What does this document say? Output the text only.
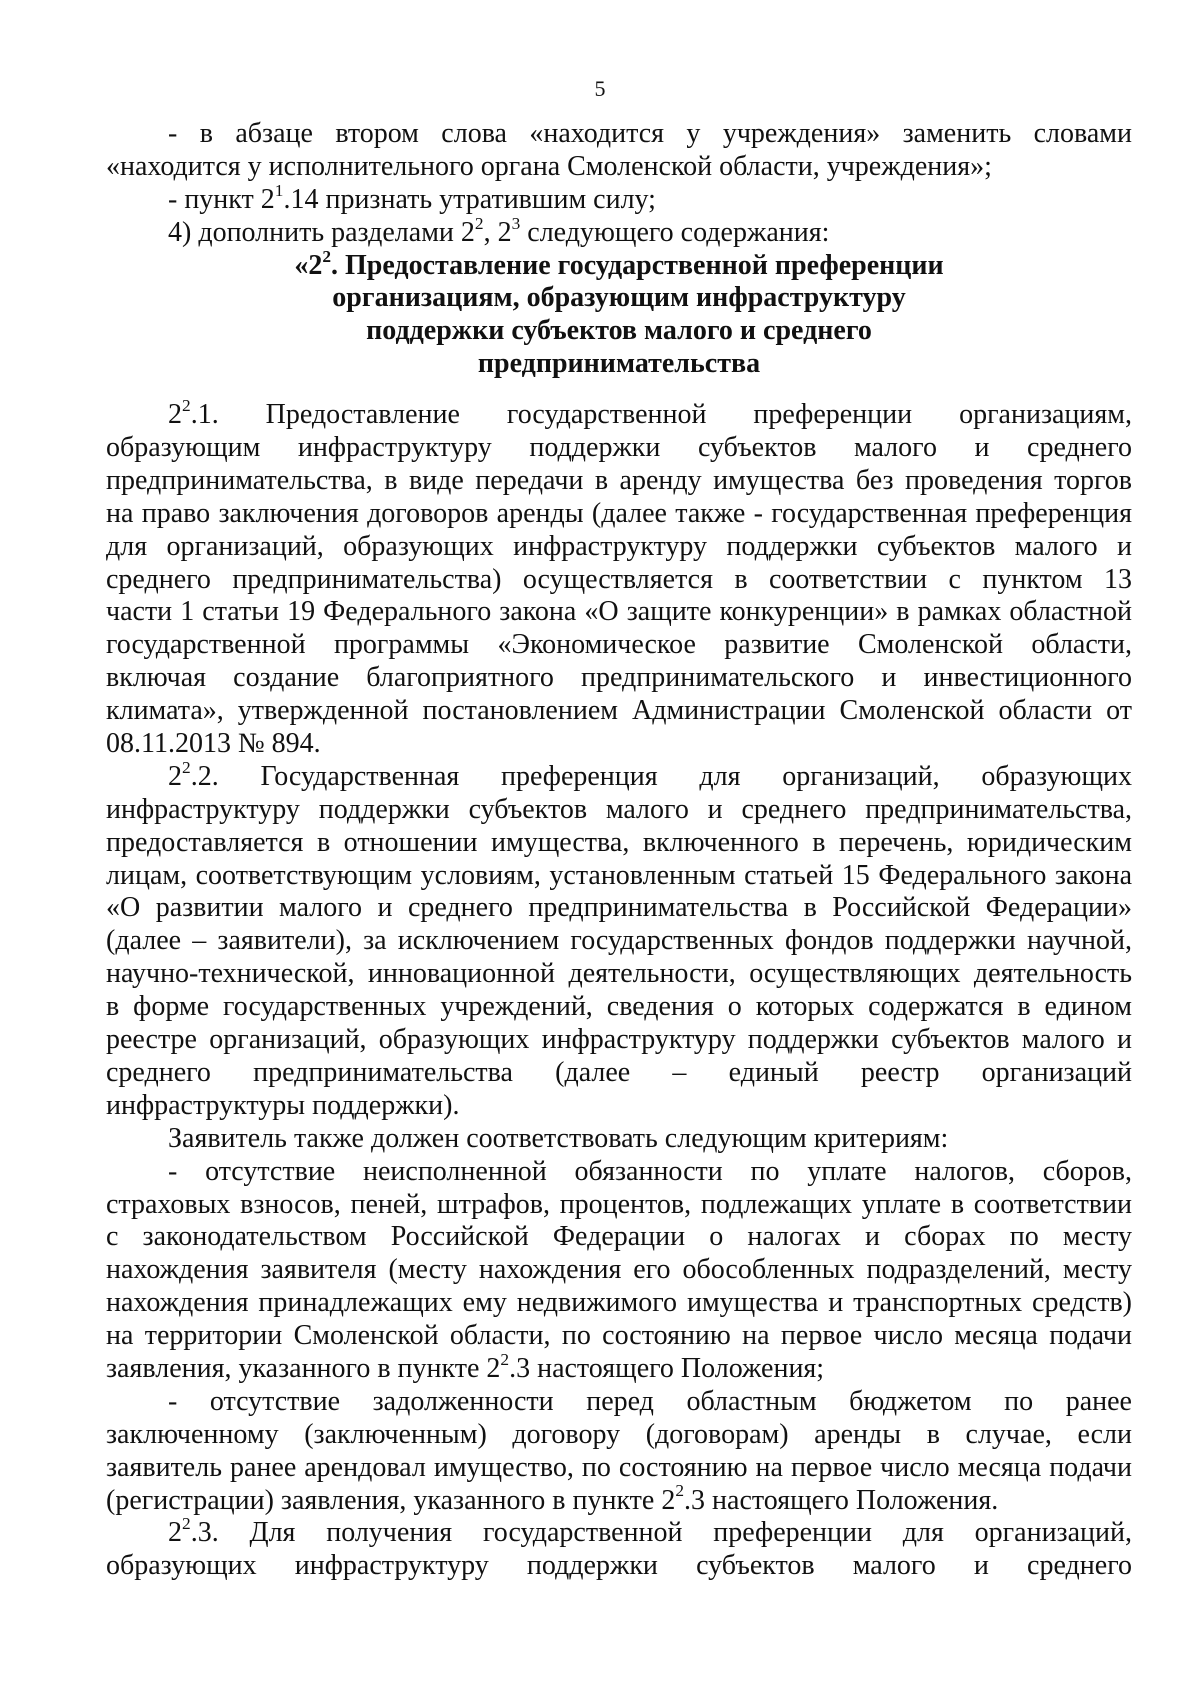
5
- в абзаце втором слова «находится у учреждения» заменить словами
«находится у исполнительного органа Смоленской области, учреждения»;
- пункт $2^1.14$ признать утратившим силу;
4) дополнить разделами $2^2$, $2^3$ следующего содержания:
«$2^2$. Предоставление государственной преференции
организациям, образующим инфраструктуру
поддержки субъектов малого и среднего
предпринимательства
$2^2.1$. Предоставление государственной преференции организациям,
образующим инфраструктуру поддержки субъектов малого и среднего
предпринимательства, в виде передачи в аренду имущества без проведения торгов
на право заключения договоров аренды (далее также - государственная преференция
для организаций, образующих инфраструктуру поддержки субъектов малого и
среднего предпринимательства) осуществляется в соответствии с пунктом 13
части 1 статьи 19 Федерального закона «О защите конкуренции» в рамках областной
государственной программы «Экономическое развитие Смоленской области,
включая создание благоприятного предпринимательского и инвестиционного
климата», утвержденной постановлением Администрации Смоленской области от
08.11.2013 № 894.
$2^2.2$. Государственная преференция для организаций, образующих
инфраструктуру поддержки субъектов малого и среднего предпринимательства,
предоставляется в отношении имущества, включенного в перечень, юридическим
лицам, соответствующим условиям, установленным статьей 15 Федерального закона
«О развитии малого и среднего предпринимательства в Российской Федерации»
(далее – заявители), за исключением государственных фондов поддержки научной,
научно-технической, инновационной деятельности, осуществляющих деятельность
в форме государственных учреждений, сведения о которых содержатся в едином
реестре организаций, образующих инфраструктуру поддержки субъектов малого и
среднего предпринимательства (далее – единый реестр организаций
инфраструктуры поддержки).
Заявитель также должен соответствовать следующим критериям:
- отсутствие неисполненной обязанности по уплате налогов, сборов,
страховых взносов, пеней, штрафов, процентов, подлежащих уплате в соответствии
с законодательством Российской Федерации о налогах и сборах по месту
нахождения заявителя (месту нахождения его обособленных подразделений, месту
нахождения принадлежащих ему недвижимого имущества и транспортных средств)
на территории Смоленской области, по состоянию на первое число месяца подачи
заявления, указанного в пункте $2^2.3$ настоящего Положения;
- отсутствие задолженности перед областным бюджетом по ранее
заключенному (заключенным) договору (договорам) аренды в случае, если
заявитель ранее арендовал имущество, по состоянию на первое число месяца подачи
(регистрации) заявления, указанного в пункте $2^2.3$ настоящего Положения.
$2^2.3$. Для получения государственной преференции для организаций,
образующих инфраструктуру поддержки субъектов малого и среднего
